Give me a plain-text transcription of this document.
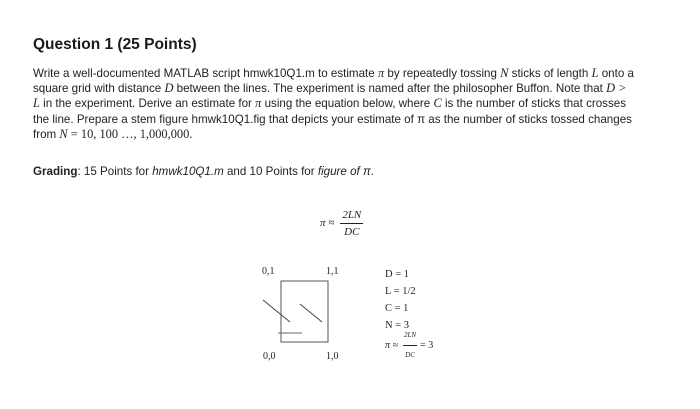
Question 1 (25 Points)
Write a well-documented MATLAB script hmwk10Q1.m to estimate π by repeatedly tossing N sticks of length L onto a
square grid with distance D between the lines. The experiment is named after the philosopher Buffon. Note that D >
L in the experiment. Derive an estimate for π using the equation below, where C is the number of sticks that crosses
the line. Prepare a stem figure hmwk10Q1.fig that depicts your estimate of π as the number of sticks tossed changes
from N = 10, 100 …, 1,000,000.
Grading: 15 Points for hmwk10Q1.m and 10 Points for figure of π.
$\pi \approx \frac{2LN}{DC}$
0,1	1,1
0,0	1,0
D = 1
L = 1/2
C = 1
N = 3
$\pi \approx \frac{2LN}{DC} = 3$
